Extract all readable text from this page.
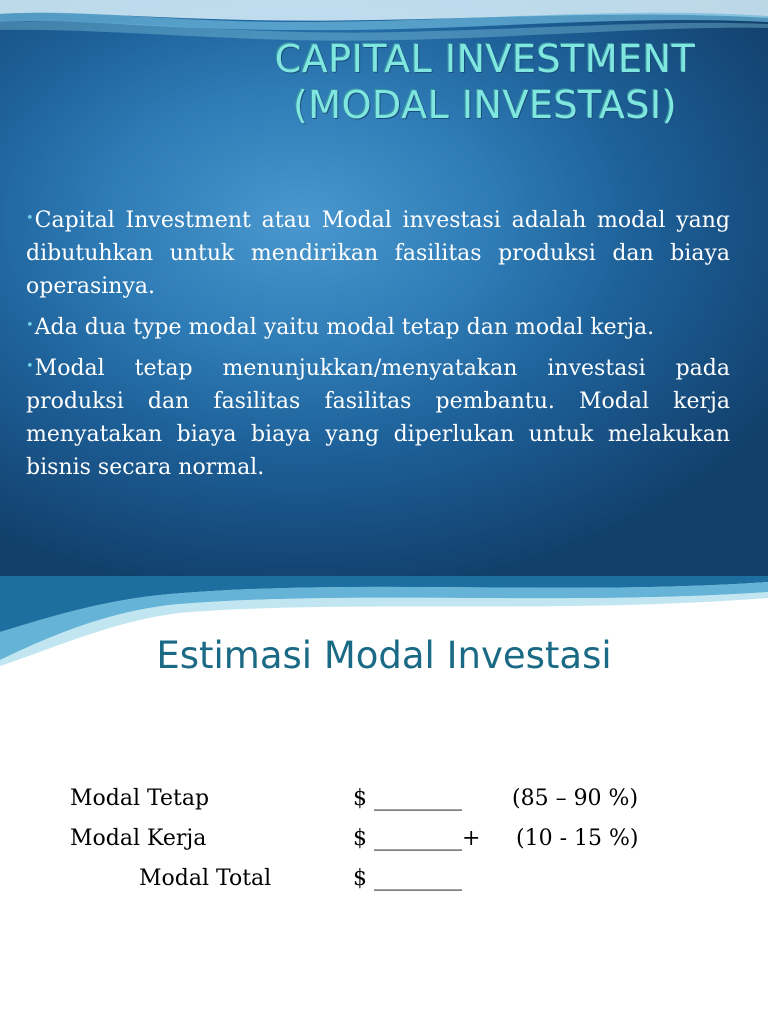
CAPITAL INVESTMENT
(MODAL INVESTASI)

•Capital Investment atau Modal investasi adalah modal yang dibutuhkan untuk mendirikan fasilitas produksi dan biaya operasinya.

•Ada dua type modal yaitu modal tetap dan modal kerja.

•Modal tetap menunjukkan/menyatakan investasi pada produksi dan fasilitas fasilitas pembantu. Modal kerja menyatakan biaya biaya yang diperlukan untuk melakukan bisnis secara normal.

Estimasi Modal Investasi
Modal Tetap	$ ________ (85 – 90 %)
Modal Kerja	$ ________+ (10 - 15 %)
Modal Total	$ ________
